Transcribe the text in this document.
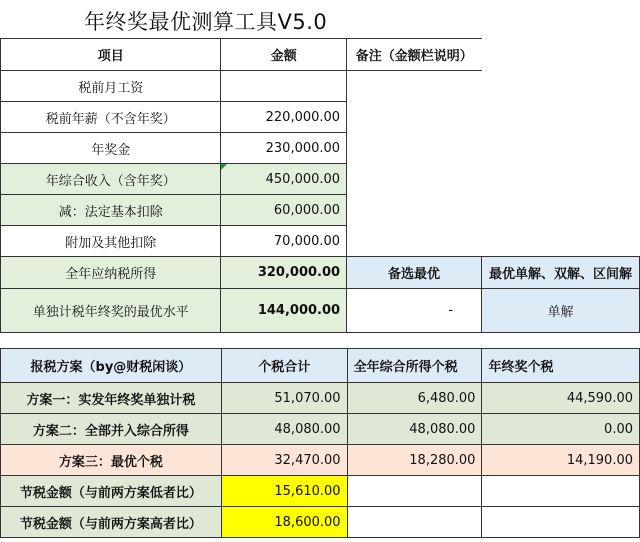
年终奖最优测算工具V5.0
项目	金额	备注（金额栏说明）	
税前月工资			
税前年薪（不含年奖）	220,000.00		
年奖金	230,000.00		
年综合收入（含年奖）	450,000.00		
减：法定基本扣除	60,000.00		
附加及其他扣除	70,000.00		
全年应纳税所得	320,000.00	备选最优	最优单解、双解、区间解
单独计税年终奖的最优水平	144,000.00	-	单解
报税方案（by@财税闲谈）	个税合计	全年综合所得个税	年终奖个税
方案一：实发年终奖单独计税	51,070.00	6,480.00	44,590.00
方案二：全部并入综合所得	48,080.00	48,080.00	0.00
方案三：最优个税	32,470.00	18,280.00	14,190.00
节税金额（与前两方案低者比）	15,610.00		
节税金额（与前两方案高者比）	18,600.00		
